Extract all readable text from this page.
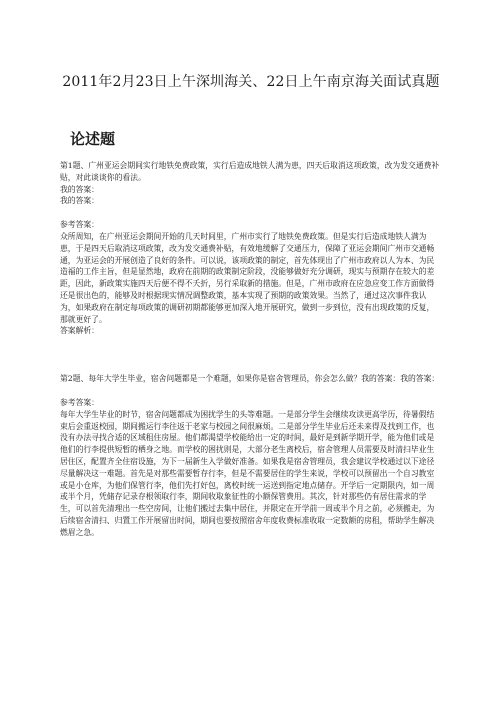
2011年2月23日上午深圳海关、22日上午南京海关面试真题
论述题

第1题、广州亚运会期间实行地铁免费政策，实行后造成地铁人满为患，四天后取消这项政策，改为发交通费补贴，对此谈谈你的看法。

我的答案：

我的答案：

参考答案：

众所周知，在广州亚运会期间开始的几天时间里，广州市实行了地铁免费政策。但是实行后造成地铁人满为患，于是四天后取消这项政策，改为发交通费补贴，有效地缓解了交通压力，保障了亚运会期间广州市交通畅通，为亚运会的开展创造了良好的条件。可以说，该项政策的制定，首先体现出了广州市政府以人为本、为民造福的工作主旨，但是显然地，政府在前期的政策制定阶段，没能够做好充分调研，现实与预期存在较大的差距，因此，新政策实施四天后便不得不夭折，另行采取新的措施。但是，广州市政府在应急应变工作方面做得还是很出色的，能够及时根据现实情况调整政策，基本实现了预期的政策效果。当然了，通过这次事件我认为，如果政府在制定每项政策的调研初期都能够更加深入地开展研究，做到一步到位，没有出现政策的反复，那就更好了。

答案解析：

第2题、每年大学生毕业，宿舍问题都是一个难题，如果你是宿舍管理员，你会怎么做？我的答案：我的答案：

参考答案：

每年大学生毕业的时节，宿舍问题都成为困扰学生的头等难题。一是部分学生会继续攻读更高学历，待暑假结束后会重返校园，期间搬运行李往返于老家与校园之间很麻烦。二是部分学生毕业后还未来得及找到工作，也没有办法寻找合适的区域租住房屋。他们都渴望学校能给出一定的时间，最好是到新学期开学，能为他们或是他们的行李提供短暂的栖身之地。而学校的困扰则是，大部分老生离校后，宿舍管理人员需要及时清扫毕业生居住区，配置齐全住宿设施，为下一届新生入学做好准备。如果我是宿舍管理员，我会建议学校通过以下途径尽量解决这一难题。首先是对那些需要暂存行李，但是不需要居住的学生来说，学校可以预留出一个自习教室或是小仓库，为他们保管行李，他们先打好包，离校时统一运送到指定地点储存。开学后一定期限内，如一周或半个月，凭储存记录存根领取行李，期间收取象征性的小额保管费用。其次，针对那些仍有居住需求的学生，可以首先清理出一些空房间，让他们搬过去集中居住，并限定在开学前一周或半个月之前，必须搬走，为后续宿舍清扫、归置工作开展留出时间，期间也要按照宿舍年度收费标准收取一定数额的房租，帮助学生解决燃眉之急。
